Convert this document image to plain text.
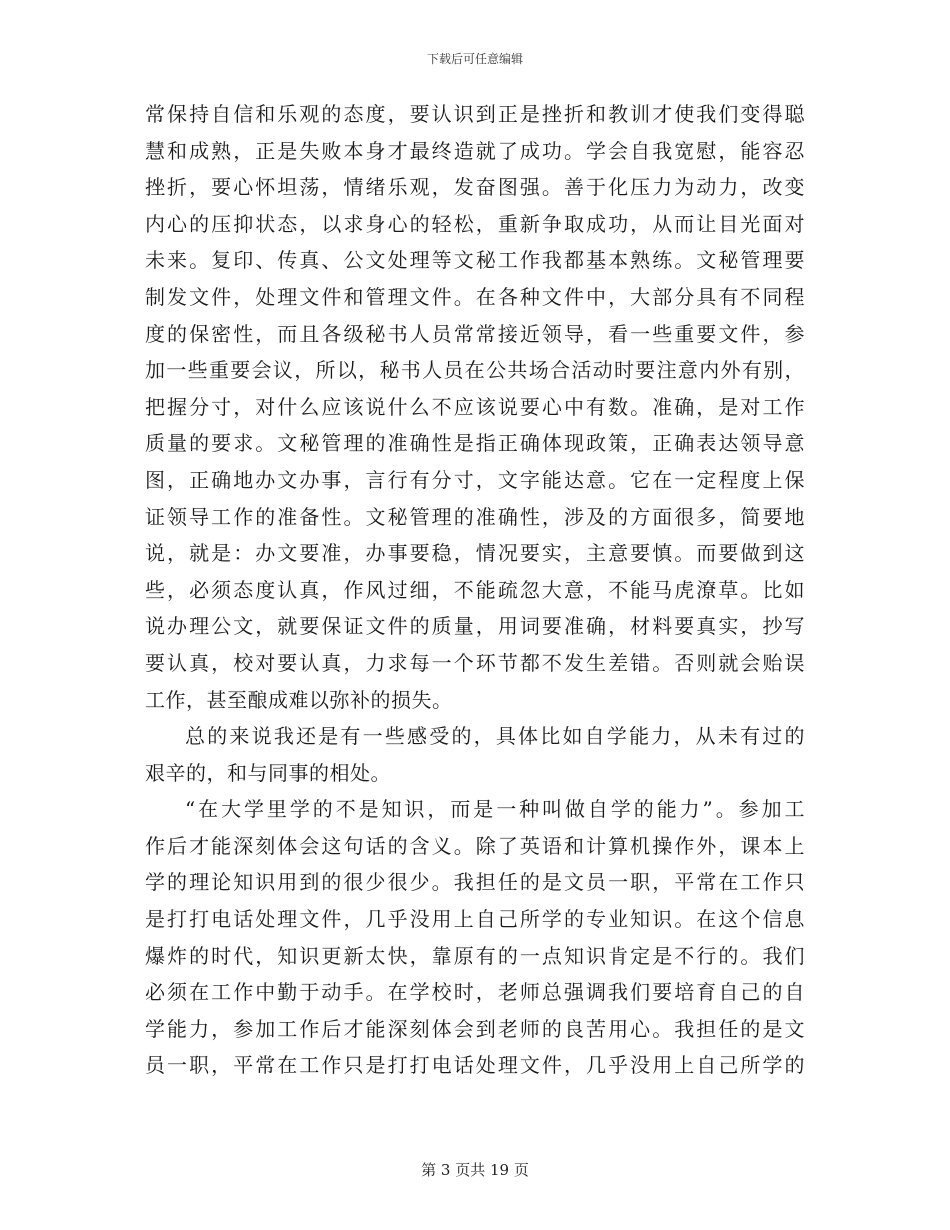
下载后可任意编辑
常保持自信和乐观的态度，要认识到正是挫折和教训才使我们变得聪
慧和成熟，正是失败本身才最终造就了成功。学会自我宽慰，能容忍
挫折，要心怀坦荡，情绪乐观，发奋图强。善于化压力为动力，改变
内心的压抑状态，以求身心的轻松，重新争取成功，从而让目光面对
未来。复印、传真、公文处理等文秘工作我都基本熟练。文秘管理要
制发文件，处理文件和管理文件。在各种文件中，大部分具有不同程
度的保密性，而且各级秘书人员常常接近领导，看一些重要文件，参
加一些重要会议，所以，秘书人员在公共场合活动时要注意内外有别，
把握分寸，对什么应该说什么不应该说要心中有数。准确，是对工作
质量的要求。文秘管理的准确性是指正确体现政策，正确表达领导意
图，正确地办文办事，言行有分寸，文字能达意。它在一定程度上保
证领导工作的准备性。文秘管理的准确性，涉及的方面很多，简要地
说，就是：办文要准，办事要稳，情况要实，主意要慎。而要做到这
些，必须态度认真，作风过细，不能疏忽大意，不能马虎潦草。比如
说办理公文，就要保证文件的质量，用词要准确，材料要真实，抄写
要认真，校对要认真，力求每一个环节都不发生差错。否则就会贻误
工作，甚至酿成难以弥补的损失。
总的来说我还是有一些感受的，具体比如自学能力，从未有过的
艰辛的，和与同事的相处。
“在大学里学的不是知识，而是一种叫做自学的能力”。参加工
作后才能深刻体会这句话的含义。除了英语和计算机操作外，课本上
学的理论知识用到的很少很少。我担任的是文员一职，平常在工作只
是打打电话处理文件，几乎没用上自己所学的专业知识。在这个信息
爆炸的时代，知识更新太快，靠原有的一点知识肯定是不行的。我们
必须在工作中勤于动手。在学校时，老师总强调我们要培育自己的自
学能力，参加工作后才能深刻体会到老师的良苦用心。我担任的是文
员一职，平常在工作只是打打电话处理文件，几乎没用上自己所学的
第 3 页共 19 页
